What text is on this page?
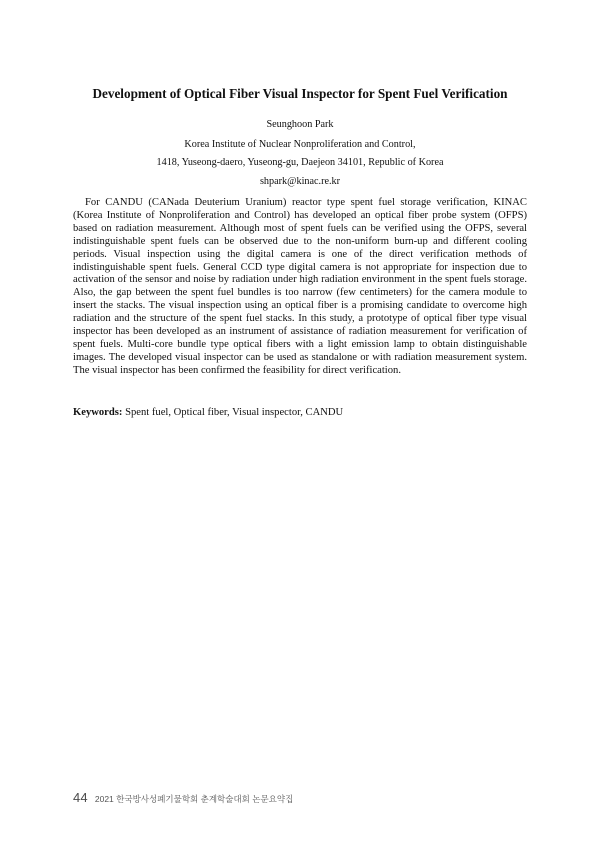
Development of Optical Fiber Visual Inspector for Spent Fuel Verification

Seunghoon Park

Korea Institute of Nuclear Nonproliferation and Control,

1418, Yuseong-daero, Yuseong-gu, Daejeon 34101, Republic of Korea

shpark@kinac.re.kr

For CANDU (CANada Deuterium Uranium) reactor type spent fuel storage verification, KINAC (Korea Institute of Nonproliferation and Control) has developed an optical fiber probe system (OFPS) based on radiation measurement. Although most of spent fuels can be verified using the OFPS, several indistinguishable spent fuels can be observed due to the non-uniform burn-up and different cooling periods. Visual inspection using the digital camera is one of the direct verification methods of indistinguishable spent fuels. General CCD type digital camera is not appropriate for inspection due to activation of the sensor and noise by radiation under high radiation environment in the spent fuels storage. Also, the gap between the spent fuel bundles is too narrow (few centimeters) for the camera module to insert the stacks. The visual inspection using an optical fiber is a promising candidate to overcome high radiation and the structure of the spent fuel stacks. In this study, a prototype of optical fiber type visual inspector has been developed as an instrument of assistance of radiation measurement for verification of spent fuels. Multi-core bundle type optical fibers with a light emission lamp to obtain distinguishable images. The developed visual inspector can be used as standalone or with radiation measurement system. The visual inspector has been confirmed the feasibility for direct verification.

Keywords: Spent fuel, Optical fiber, Visual inspector, CANDU

44 2021 한국방사성폐기물학회 춘계학술대회 논문요약집
